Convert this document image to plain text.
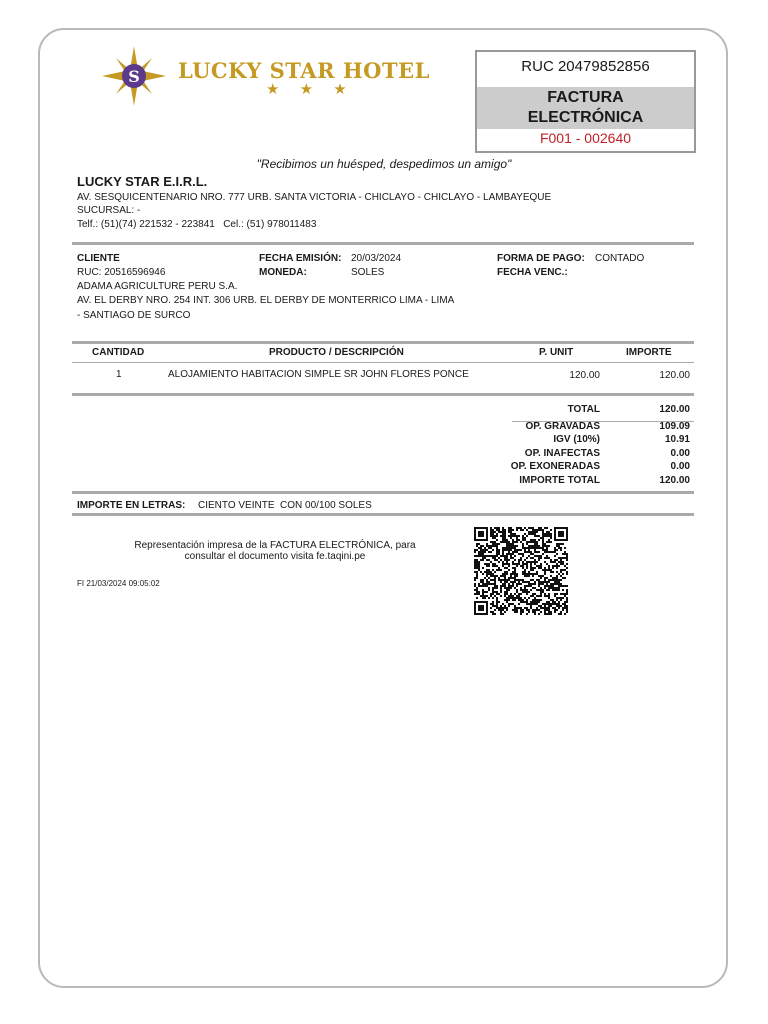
S LUCKY STAR HOTEL
★ ★ ★
RUC 20479852856
FACTURA
ELECTRÓNICA
F001 - 002640
"Recibimos un huésped, despedimos un amigo"
LUCKY STAR E.I.R.L.
AV. SESQUICENTENARIO NRO. 777 URB. SANTA VICTORIA - CHICLAYO - CHICLAYO - LAMBAYEQUE
SUCURSAL: -
Telf.: (51)(74) 221532 - 223841   Cel.: (51) 978011483
CLIENTE
RUC: 20516596946
ADAMA AGRICULTURE PERU S.A.
AV. EL DERBY NRO. 254 INT. 306 URB. EL DERBY DE MONTERRICO LIMA - LIMA
- SANTIAGO DE SURCO
FECHA EMISIÓN: 20/03/2024
MONEDA:	SOLES
FORMA DE PAGO: CONTADO
FECHA VENC.:
CANTIDAD	PRODUCTO / DESCRIPCIÓN	P. UNIT	IMPORTE
1	ALOJAMIENTO HABITACION SIMPLE SR JOHN FLORES PONCE	120.00	120.00
TOTAL	120.00
OP. GRAVADAS	109.09
IGV (10%)	10.91
OP. INAFECTAS	0.00
OP. EXONERADAS	0.00
IMPORTE TOTAL	120.00
IMPORTE EN LETRAS: CIENTO VEINTE  CON 00/100 SOLES
Representación impresa de la FACTURA ELECTRÓNICA, para
consultar el documento visita fe.taqini.pe
FI 21/03/2024 09:05:02
